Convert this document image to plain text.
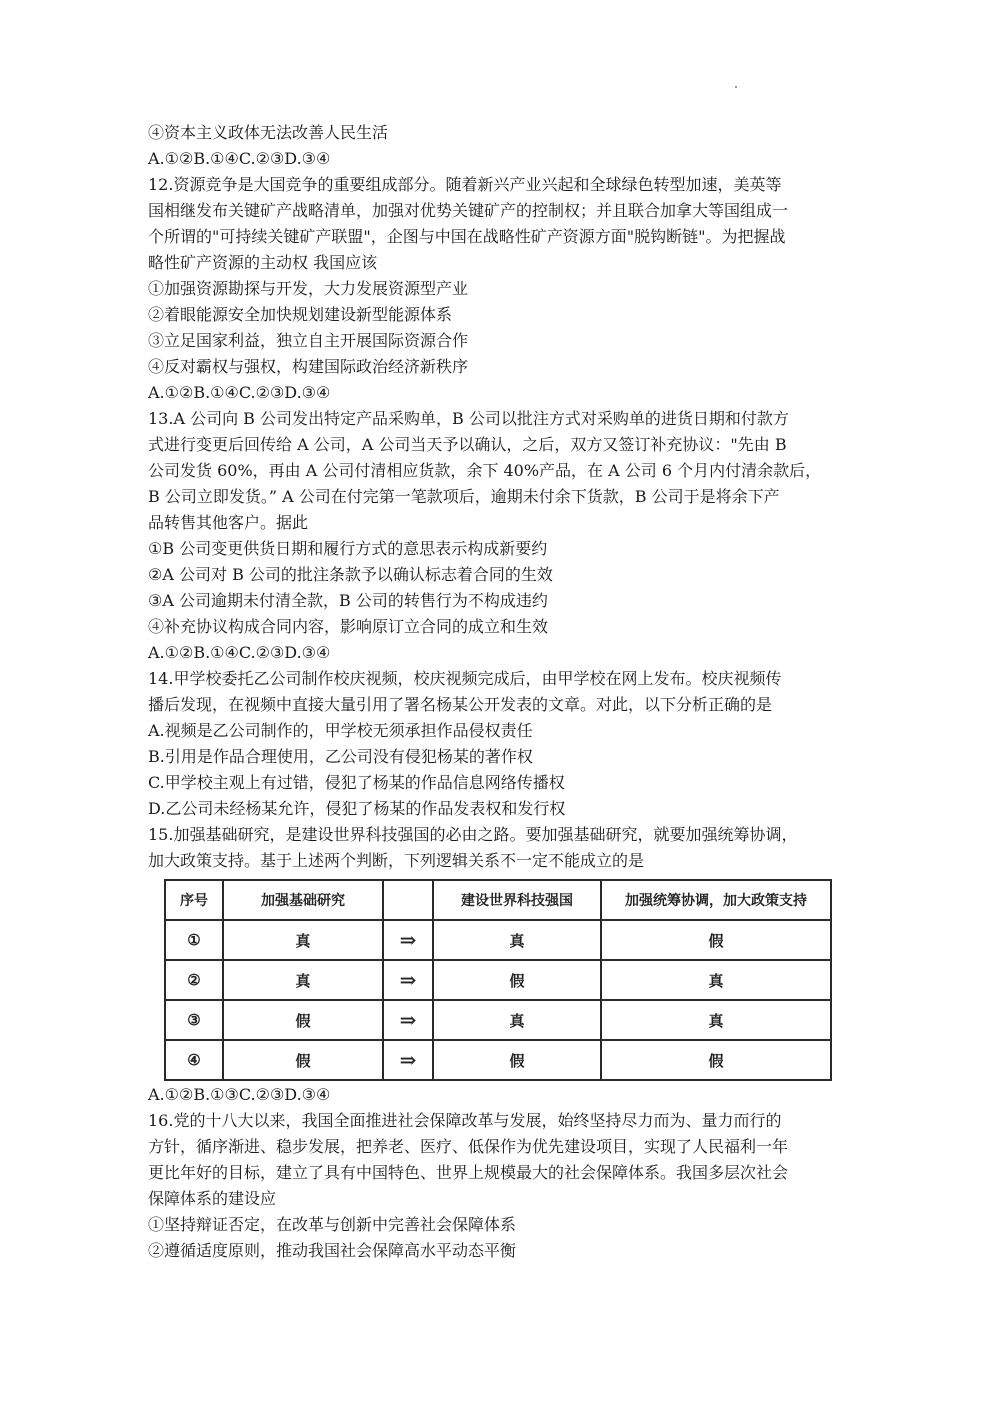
④资本主义政体无法改善人民生活
A.①②B.①④C.②③D.③④
12.资源竞争是大国竞争的重要组成部分。随着新兴产业兴起和全球绿色转型加速，美英等
国相继发布关键矿产战略清单，加强对优势关键矿产的控制权；并且联合加拿大等国组成一
个所谓的"可持续关键矿产联盟"，企图与中国在战略性矿产资源方面"脱钩断链"。为把握战
略性矿产资源的主动权 我国应该
①加强资源勘探与开发，大力发展资源型产业
②着眼能源安全加快规划建设新型能源体系
③立足国家利益，独立自主开展国际资源合作
④反对霸权与强权，构建国际政治经济新秩序
A.①②B.①④C.②③D.③④
13.A 公司向 B 公司发出特定产品采购单，B 公司以批注方式对采购单的进货日期和付款方
式进行变更后回传给 A 公司，A 公司当天予以确认，之后，双方又签订补充协议："先由 B
公司发货 60%，再由 A 公司付清相应货款，余下 40%产品，在 A 公司 6 个月内付清余款后，
B 公司立即发货。” A 公司在付完第一笔款项后，逾期未付余下货款，B 公司于是将余下产
品转售其他客户。据此
①B 公司变更供货日期和履行方式的意思表示构成新要约
②A 公司对 B 公司的批注条款予以确认标志着合同的生效
③A 公司逾期未付清全款，B 公司的转售行为不构成违约
④补充协议构成合同内容，影响原订立合同的成立和生效
A.①②B.①④C.②③D.③④
14.甲学校委托乙公司制作校庆视频，校庆视频完成后，由甲学校在网上发布。校庆视频传
播后发现，在视频中直接大量引用了署名杨某公开发表的文章。对此，以下分析正确的是
A.视频是乙公司制作的，甲学校无须承担作品侵权责任
B.引用是作品合理使用，乙公司没有侵犯杨某的著作权
C.甲学校主观上有过错，侵犯了杨某的作品信息网络传播权
D.乙公司未经杨某允许，侵犯了杨某的作品发表权和发行权
15.加强基础研究，是建设世界科技强国的必由之路。要加强基础研究，就要加强统筹协调，
加大政策支持。基于上述两个判断，下列逻辑关系不一定不能成立的是
序号	加强基础研究		建设世界科技强国	加强统筹协调，加大政策支持
①	真	⇒	真	假
②	真	⇒	假	真
③	假	⇒	真	真
④	假	⇒	假	假
A.①②B.①③C.②③D.③④
16.党的十八大以来，我国全面推进社会保障改革与发展，始终坚持尽力而为、量力而行的
方针，循序渐进、稳步发展，把养老、医疗、低保作为优先建设项目，实现了人民福利一年
更比年好的目标，建立了具有中国特色、世界上规模最大的社会保障体系。我国多层次社会
保障体系的建设应
①坚持辩证否定，在改革与创新中完善社会保障体系
②遵循适度原则，推动我国社会保障高水平动态平衡
